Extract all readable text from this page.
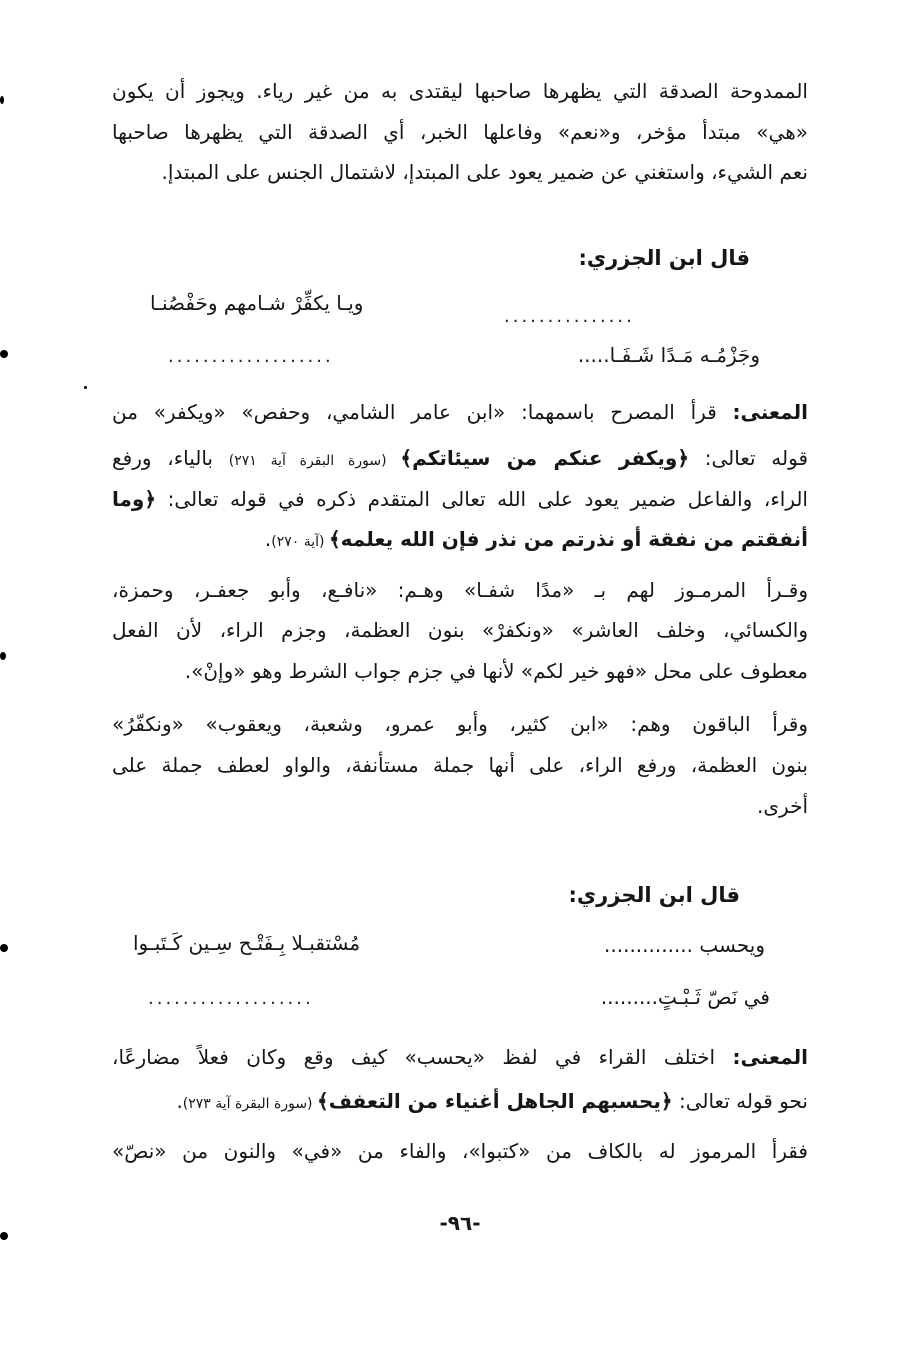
الممدوحة الصدقة التي يظهرها صاحبها ليقتدى به من غير رياء. ويجوز أن يكون
«هي» مبتدأ مؤخر، و«نعم» وفاعلها الخبر، أي الصدقة التي يظهرها صاحبها
نعم الشيء، واستغني عن ضمير يعود على المبتدإ، لاشتمال الجنس على المبتدإ.
قال ابن الجزري:
...............
ويـا يكفِّرْ شـامهم وحَفْصُنـا
وجَزْمُـه مَـدًا شَـفَـا.....
...................
المعنى: قرأ المصرح باسمهما: «ابن عامر الشامي، وحفص» «ويكفر» من
قوله تعالى: ﴿ويكفر عنكم من سيئاتكم﴾ (سورة البقرة آية ٢٧١) بالياء، ورفع
الراء، والفاعل ضمير يعود على الله تعالى المتقدم ذكره في قوله تعالى: ﴿وما
أنفقتم من نفقة أو نذرتم من نذر فإن الله يعلمه﴾ (آية ٢٧٠).
وقـرأ المرمـوز لهم بـ «مدًا شفـا» وهـم: «نافـع، وأبو جعفـر، وحمزة،
والكسائي، وخلف العاشر» «ونكفرْ» بنون العظمة، وجزم الراء، لأن الفعل
معطوف على محل «فهو خير لكم» لأنها في جزم جواب الشرط وهو «وإنْ».
وقرأ الباقون وهم: «ابن كثير، وأبو عمرو، وشعبة، ويعقوب» «ونكفّرُ»
بنون العظمة، ورفع الراء، على أنها جملة مستأنفة، والواو لعطف جملة على
أخرى.
قال ابن الجزري:
ويحسب ..............
مُسْتقبـلا بِـفَتْـح سِـين كَـتَبـوا
في نَصّ ثَـبْـتٍ.........
...................
المعنى: اختلف القراء في لفظ «يحسب» كيف وقع وكان فعلاً مضارعًا،
نحو قوله تعالى: ﴿يحسبهم الجاهل أغنياء من التعفف﴾ (سورة البقرة آية ٢٧٣).
فقرأ المرموز له بالكاف من «كتبوا»، والفاء من «في» والنون من «نصّ»
-٩٦-
